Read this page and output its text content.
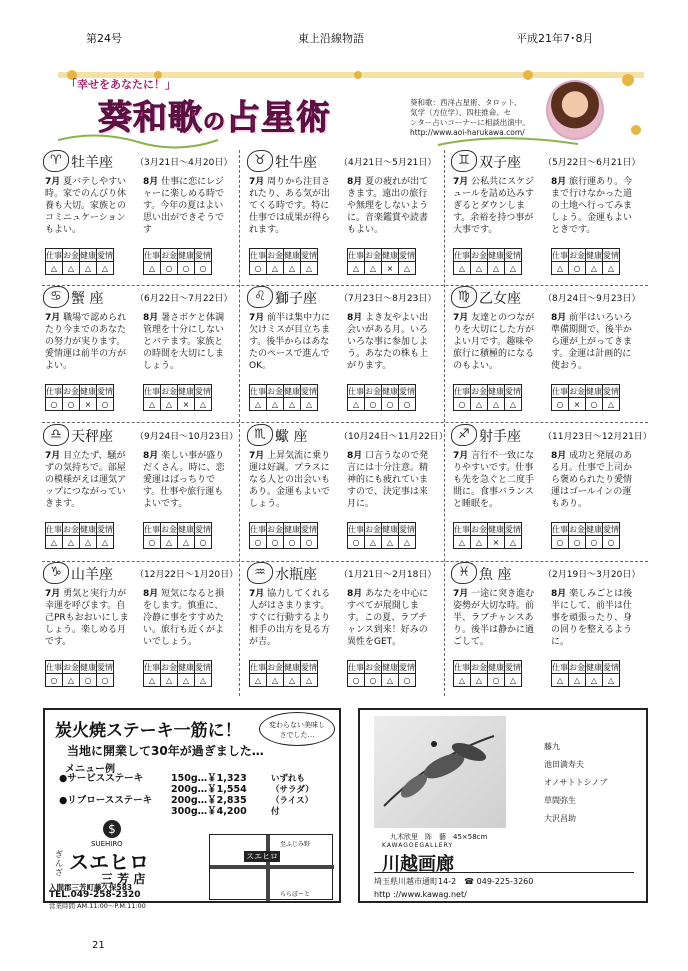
第24号	東上沿線物語	平成21年7･8月
「幸せをあなたに！」
葵和歌の占星術	葵和歌：西洋占星術、タロット、
気学（方位学）、四柱推命、セ
ンター占いコーナーに相談出演中。
http://www.aoi-harukawa.com/
♈ 牡羊座 （3月21日～4月20日）
7月 夏バテしやすい時。家でのんびり休養も大切。家族とのコミニュケーションもよい。
8月 仕事に恋にレジャーに楽しめる時です。今年の夏はよい思い出ができそうです
仕事	お金	健康	愛情
△	△	△	△
仕事	お金	健康	愛情
△	○	○	○
♉ 牡牛座 （4月21日～5月21日）
7月 周りから注目されたり、ある気が出てくる時です。特に仕事では成果が得られます。
8月 夏の疲れが出てきます。遠出の旅行や無理をしないように。音楽鑑賞や読書もよい。
仕事	お金	健康	愛情
○	△	△	△
仕事	お金	健康	愛情
△	△	×	△
♊ 双子座 （5月22日～6月21日）
7月 公私共にスケジュールを詰め込みすぎるとダウンします。余裕を持つ事が大事です。
8月 旅行運あり。今まで行けなかった道の土地へ行ってみましょう。金運もよいときです。
仕事	お金	健康	愛情
△	△	△	△
仕事	お金	健康	愛情
△	○	△	△
♋ 蟹 座	（6月22日～7月22日）
7月 職場で認められたり今までのあなたの努力が実ります。愛情運は前半の方がよい。
8月 暑さボケと体調管理を十分にしないとバテます。家族との時間を大切にしましょう。
仕事	お金	健康	愛情
○	○	×	○
仕事	お金	健康	愛情
△	△	×	△
♌ 獅子座 （7月23日～8月23日）
7月 前半は集中力に欠けミスが目立ちます。後半からはあなたのペースで進んでOK。
8月 よき友やよい出会いがある月。いろいろな事に参加しよう。あなたの株も上がります。
仕事	お金	健康	愛情
△	△	△	△
仕事	お金	健康	愛情
△	○	○	○
♍ 乙女座 （8月24日～9月23日）
7月 友達とのつながりを大切にした方がよい月です。趣味や旅行に積極的になるのもよい。
8月 前半はいろいろ準備期間で、後半から運が上がってきます。金運は計画的に使おう。
仕事	お金	健康	愛情
○	△	△	△
仕事	お金	健康	愛情
○	×	○	△
♎ 天秤座 （9月24日～10月23日）
7月 目立たず、騒がずの気持ちで。部屋の模様がえは運気アップにつながっていきます。
8月 楽しい事が盛りだくさん。時に、恋愛運はばっちりです。仕事や旅行運もよいです。
仕事	お金	健康	愛情
△	△	△	△
仕事	お金	健康	愛情
○	△	△	○
♏ 蠍 座	（10月24日～11月22日）
7月 上昇気流に乗り運は好調。プラスになる人との出会いもあり。金運もよいでしょう。
8月 口言うなので発言には十分注意。精神的にも疲れていますので、決定事は来月に。
仕事	お金	健康	愛情
○	○	○	○
仕事	お金	健康	愛情
○	△	△	△
♐ 射手座 （11月23日～12月21日）
7月 言行不一致になりやすいです。仕事も先を急ぐと二度手間に。食事バランスと睡眠を。
8月 成功と発展のある月。仕事で上司から褒められたり愛情運はゴールインの運もあり。
仕事	お金	健康	愛情
△	△	×	△
仕事	お金	健康	愛情
○	○	○	○
♑ 山羊座 （12月22日～1月20日）
7月 勇気と実行力が幸運を呼びます。自己PRもおおいにしましょう。楽しめる月です。
8月 短気になると損をします。慎重に、冷静に事をすすめたい。旅行も近くがよいでしょう。
仕事	お金	健康	愛情
○	△	○	○
仕事	お金	健康	愛情
△	△	△	△
♒ 水瓶座 （1月21日～2月18日）
7月 協力してくれる人がはさまります。すぐに行動するより相手の出方を見る方が吉。
8月 あなたを中心にすべてが展開します。この夏、ラブチャンス到来！好みの異性をGET。
仕事	お金	健康	愛情
△	△	△	△
仕事	お金	健康	愛情
○	○	△	○
♓ 魚 座	（2月19日～3月20日）
7月 一途に突き進む姿勢が大切な時。前半、ラブチャンスあり。後半は静かに過ごして。
8月 楽しみごとは後半にして、前半は仕事を頑張ったり、身の回りを整えるように。
仕事	お金	健康	愛情
△	△	○	△
仕事	お金	健康	愛情
△	△	△	△
炭火焼ステーキ一筋に！	変わらない美味しさでした…
当地に開業して30年が過ぎました…
メニュー例
●サービスステーキ	150g…￥1,323
200g…￥1,554
●リブロースステーキ 200g…￥2,835
300g…￥4,200
いずれも（サラダ）（ライス）付
$
SUEHIRO
ぎんざ スエヒロ
三 芳 店
入間郡三芳町藤久保583
TEL.049-258-2320
営業時間 AM.11:00～P.M.11:00
スエヒロ
至ふじみ野
ららぽーと
九木欣里　阵　藝　45×58cm
藤九
池田満寿夫
オノサトトシノブ
草間弥生
大沢昌助
KAWAGOEGALLERY
川越画廊
埼玉県川越市通町14-2　☎ 049-225-3260
http ://www.kawag.net/
21
